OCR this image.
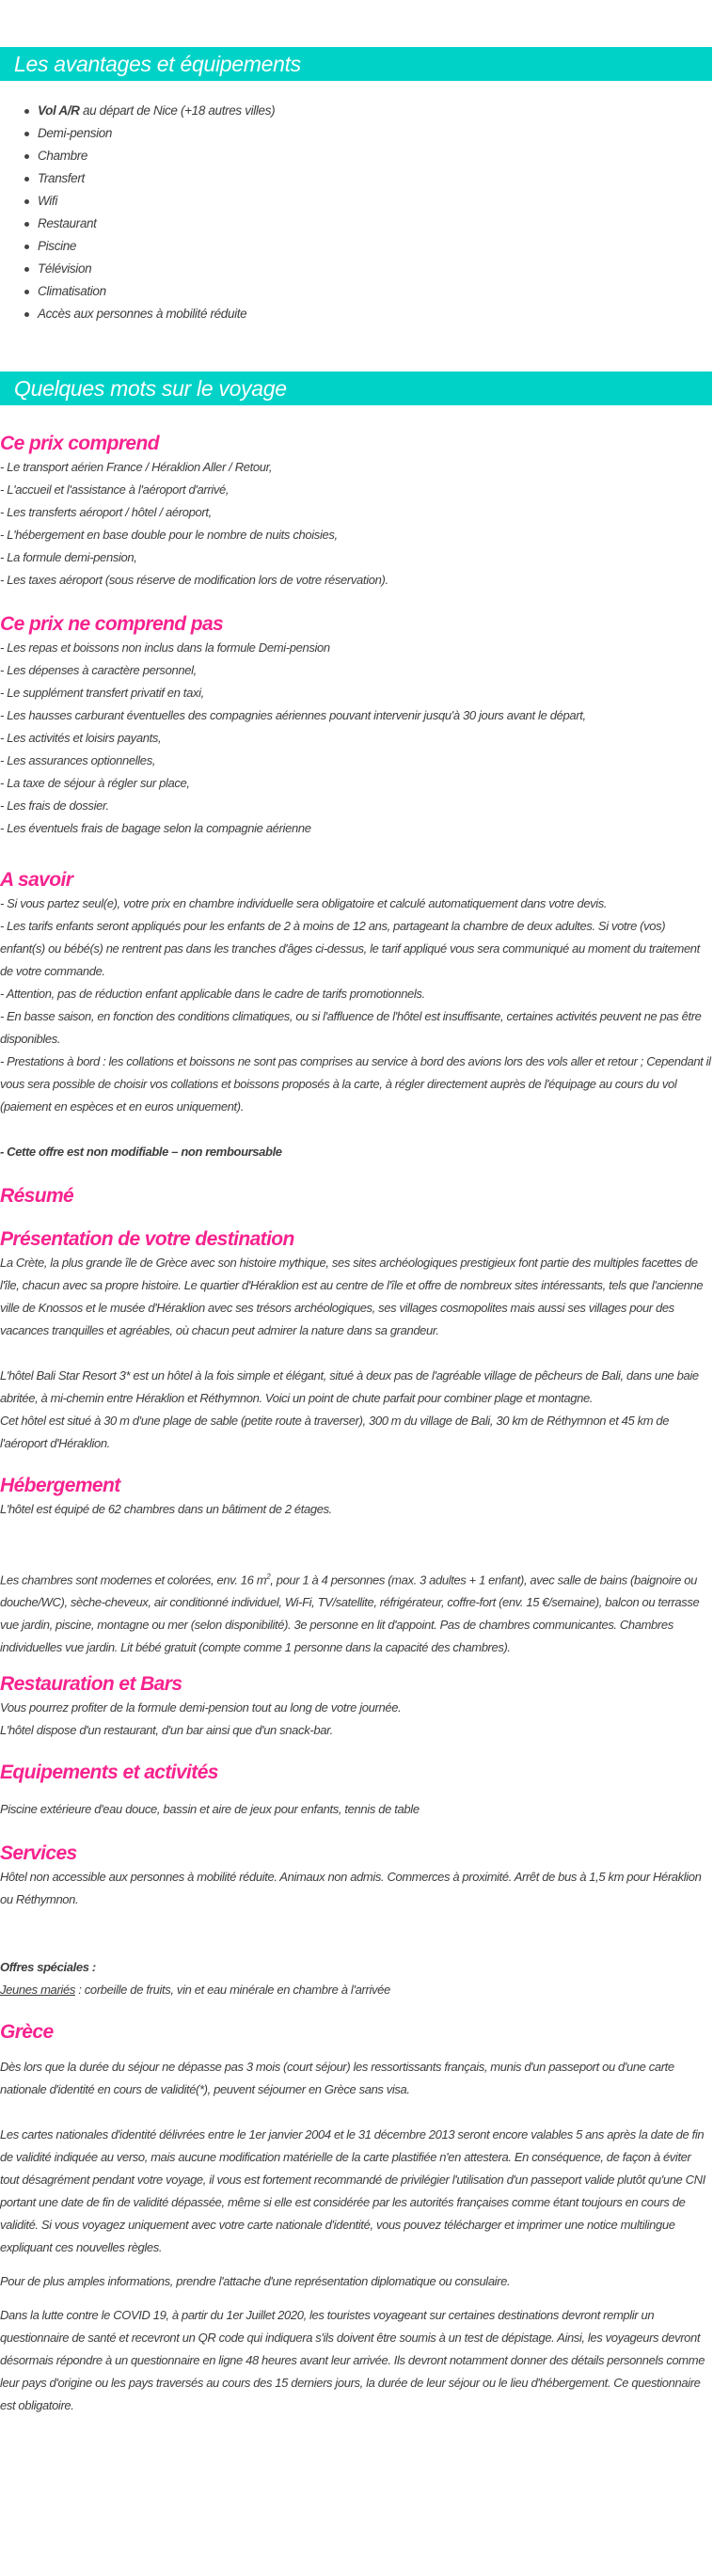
Les avantages et équipements
Vol A/R au départ de Nice (+18 autres villes)
Demi-pension
Chambre
Transfert
Wifi
Restaurant
Piscine
Télévision
Climatisation
Accès aux personnes à mobilité réduite
Quelques mots sur le voyage
Ce prix comprend
- Le transport aérien France / Héraklion Aller / Retour,
- L'accueil et l'assistance à l'aéroport d'arrivé,
- Les transferts aéroport / hôtel / aéroport,
- L'hébergement en base double pour le nombre de nuits choisies,
- La formule demi-pension,
- Les taxes aéroport (sous réserve de modification lors de votre réservation).
Ce prix ne comprend pas
- Les repas et boissons non inclus dans la formule Demi-pension
- Les dépenses à caractère personnel,
- Le supplément transfert privatif en taxi,
- Les hausses carburant éventuelles des compagnies aériennes pouvant intervenir jusqu'à 30 jours avant le départ,
- Les activités et loisirs payants,
- Les assurances optionnelles,
- La taxe de séjour à régler sur place,
- Les frais de dossier.
- Les éventuels frais de bagage selon la compagnie aérienne
A savoir

- Si vous partez seul(e), votre prix en chambre individuelle sera obligatoire et calculé automatiquement dans votre devis.

- Les tarifs enfants seront appliqués pour les enfants de 2 à moins de 12 ans, partageant la chambre de deux adultes. Si votre (vos) enfant(s) ou bébé(s) ne rentrent pas dans les tranches d'âges ci-dessus, le tarif appliqué vous sera communiqué au moment du traitement de votre commande.

- Attention, pas de réduction enfant applicable dans le cadre de tarifs promotionnels.

- En basse saison, en fonction des conditions climatiques, ou si l'affluence de l'hôtel est insuffisante, certaines activités peuvent ne pas être disponibles.

- Prestations à bord : les collations et boissons ne sont pas comprises au service à bord des avions lors des vols aller et retour ; Cependant il vous sera possible de choisir vos collations et boissons proposés à la carte, à régler directement auprès de l'équipage au cours du vol (paiement en espèces et en euros uniquement).

- Cette offre est non modifiable – non remboursable

Résumé
Présentation de votre destination

La Crète, la plus grande île de Grèce avec son histoire mythique, ses sites archéologiques prestigieux font partie des multiples facettes de l'île, chacun avec sa propre histoire. Le quartier d'Héraklion est au centre de l'île et offre de nombreux sites intéressants, tels que l'ancienne ville de Knossos et le musée d'Héraklion avec ses trésors archéologiques, ses villages cosmopolites mais aussi ses villages pour des vacances tranquilles et agréables, où chacun peut admirer la nature dans sa grandeur.

L'hôtel Bali Star Resort 3* est un hôtel à la fois simple et élégant, situé à deux pas de l'agréable village de pêcheurs de Bali, dans une baie abritée, à mi-chemin entre Héraklion et Réthymnon. Voici un point de chute parfait pour combiner plage et montagne.

Cet hôtel est situé à 30 m d'une plage de sable (petite route à traverser), 300 m du village de Bali, 30 km de Réthymnon et 45 km de l'aéroport d'Héraklion.

Hébergement

L'hôtel est équipé de 62 chambres dans un bâtiment de 2 étages.

Les chambres sont modernes et colorées, env. 16 $m^2$, pour 1 à 4 personnes (max. 3 adultes + 1 enfant), avec salle de bains (baignoire ou douche/WC), sèche-cheveux, air conditionné individuel, Wi-Fi, TV/satellite, réfrigérateur, coffre-fort (env. 15 €/semaine), balcon ou terrasse vue jardin, piscine, montagne ou mer (selon disponibilité). 3e personne en lit d'appoint. Pas de chambres communicantes. Chambres individuelles vue jardin. Lit bébé gratuit (compte comme 1 personne dans la capacité des chambres).

Restauration et Bars
Vous pourrez profiter de la formule demi-pension tout au long de votre journée.
L'hôtel dispose d'un restaurant, d'un bar ainsi que d'un snack-bar.
Equipements et activités
Piscine extérieure d'eau douce, bassin et aire de jeux pour enfants, tennis de table
Services

Hôtel non accessible aux personnes à mobilité réduite. Animaux non admis. Commerces à proximité. Arrêt de bus à 1,5 km pour Héraklion ou Réthymnon.

Offres spéciales :
Jeunes mariés : corbeille de fruits, vin et eau minérale en chambre à l'arrivée
Grèce

Dès lors que la durée du séjour ne dépasse pas 3 mois (court séjour) les ressortissants français, munis d'un passeport ou d'une carte nationale d'identité en cours de validité(*), peuvent séjourner en Grèce sans visa.

Les cartes nationales d'identité délivrées entre le 1er janvier 2004 et le 31 décembre 2013 seront encore valables 5 ans après la date de fin de validité indiquée au verso, mais aucune modification matérielle de la carte plastifiée n'en attestera. En conséquence, de façon à éviter tout désagrément pendant votre voyage, il vous est fortement recommandé de privilégier l'utilisation d'un passeport valide plutôt qu'une CNI portant une date de fin de validité dépassée, même si elle est considérée par les autorités françaises comme étant toujours en cours de validité. Si vous voyagez uniquement avec votre carte nationale d'identité, vous pouvez télécharger et imprimer une notice multilingue expliquant ces nouvelles règles.

Pour de plus amples informations, prendre l'attache d'une représentation diplomatique ou consulaire.

Dans la lutte contre le COVID 19, à partir du 1er Juillet 2020, les touristes voyageant sur certaines destinations devront remplir un questionnaire de santé et recevront un QR code qui indiquera s'ils doivent être soumis à un test de dépistage. Ainsi, les voyageurs devront désormais répondre à un questionnaire en ligne 48 heures avant leur arrivée. Ils devront notamment donner des détails personnels comme leur pays d'origine ou les pays traversés au cours des 15 derniers jours, la durée de leur séjour ou le lieu d'hébergement. Ce questionnaire est obligatoire.
